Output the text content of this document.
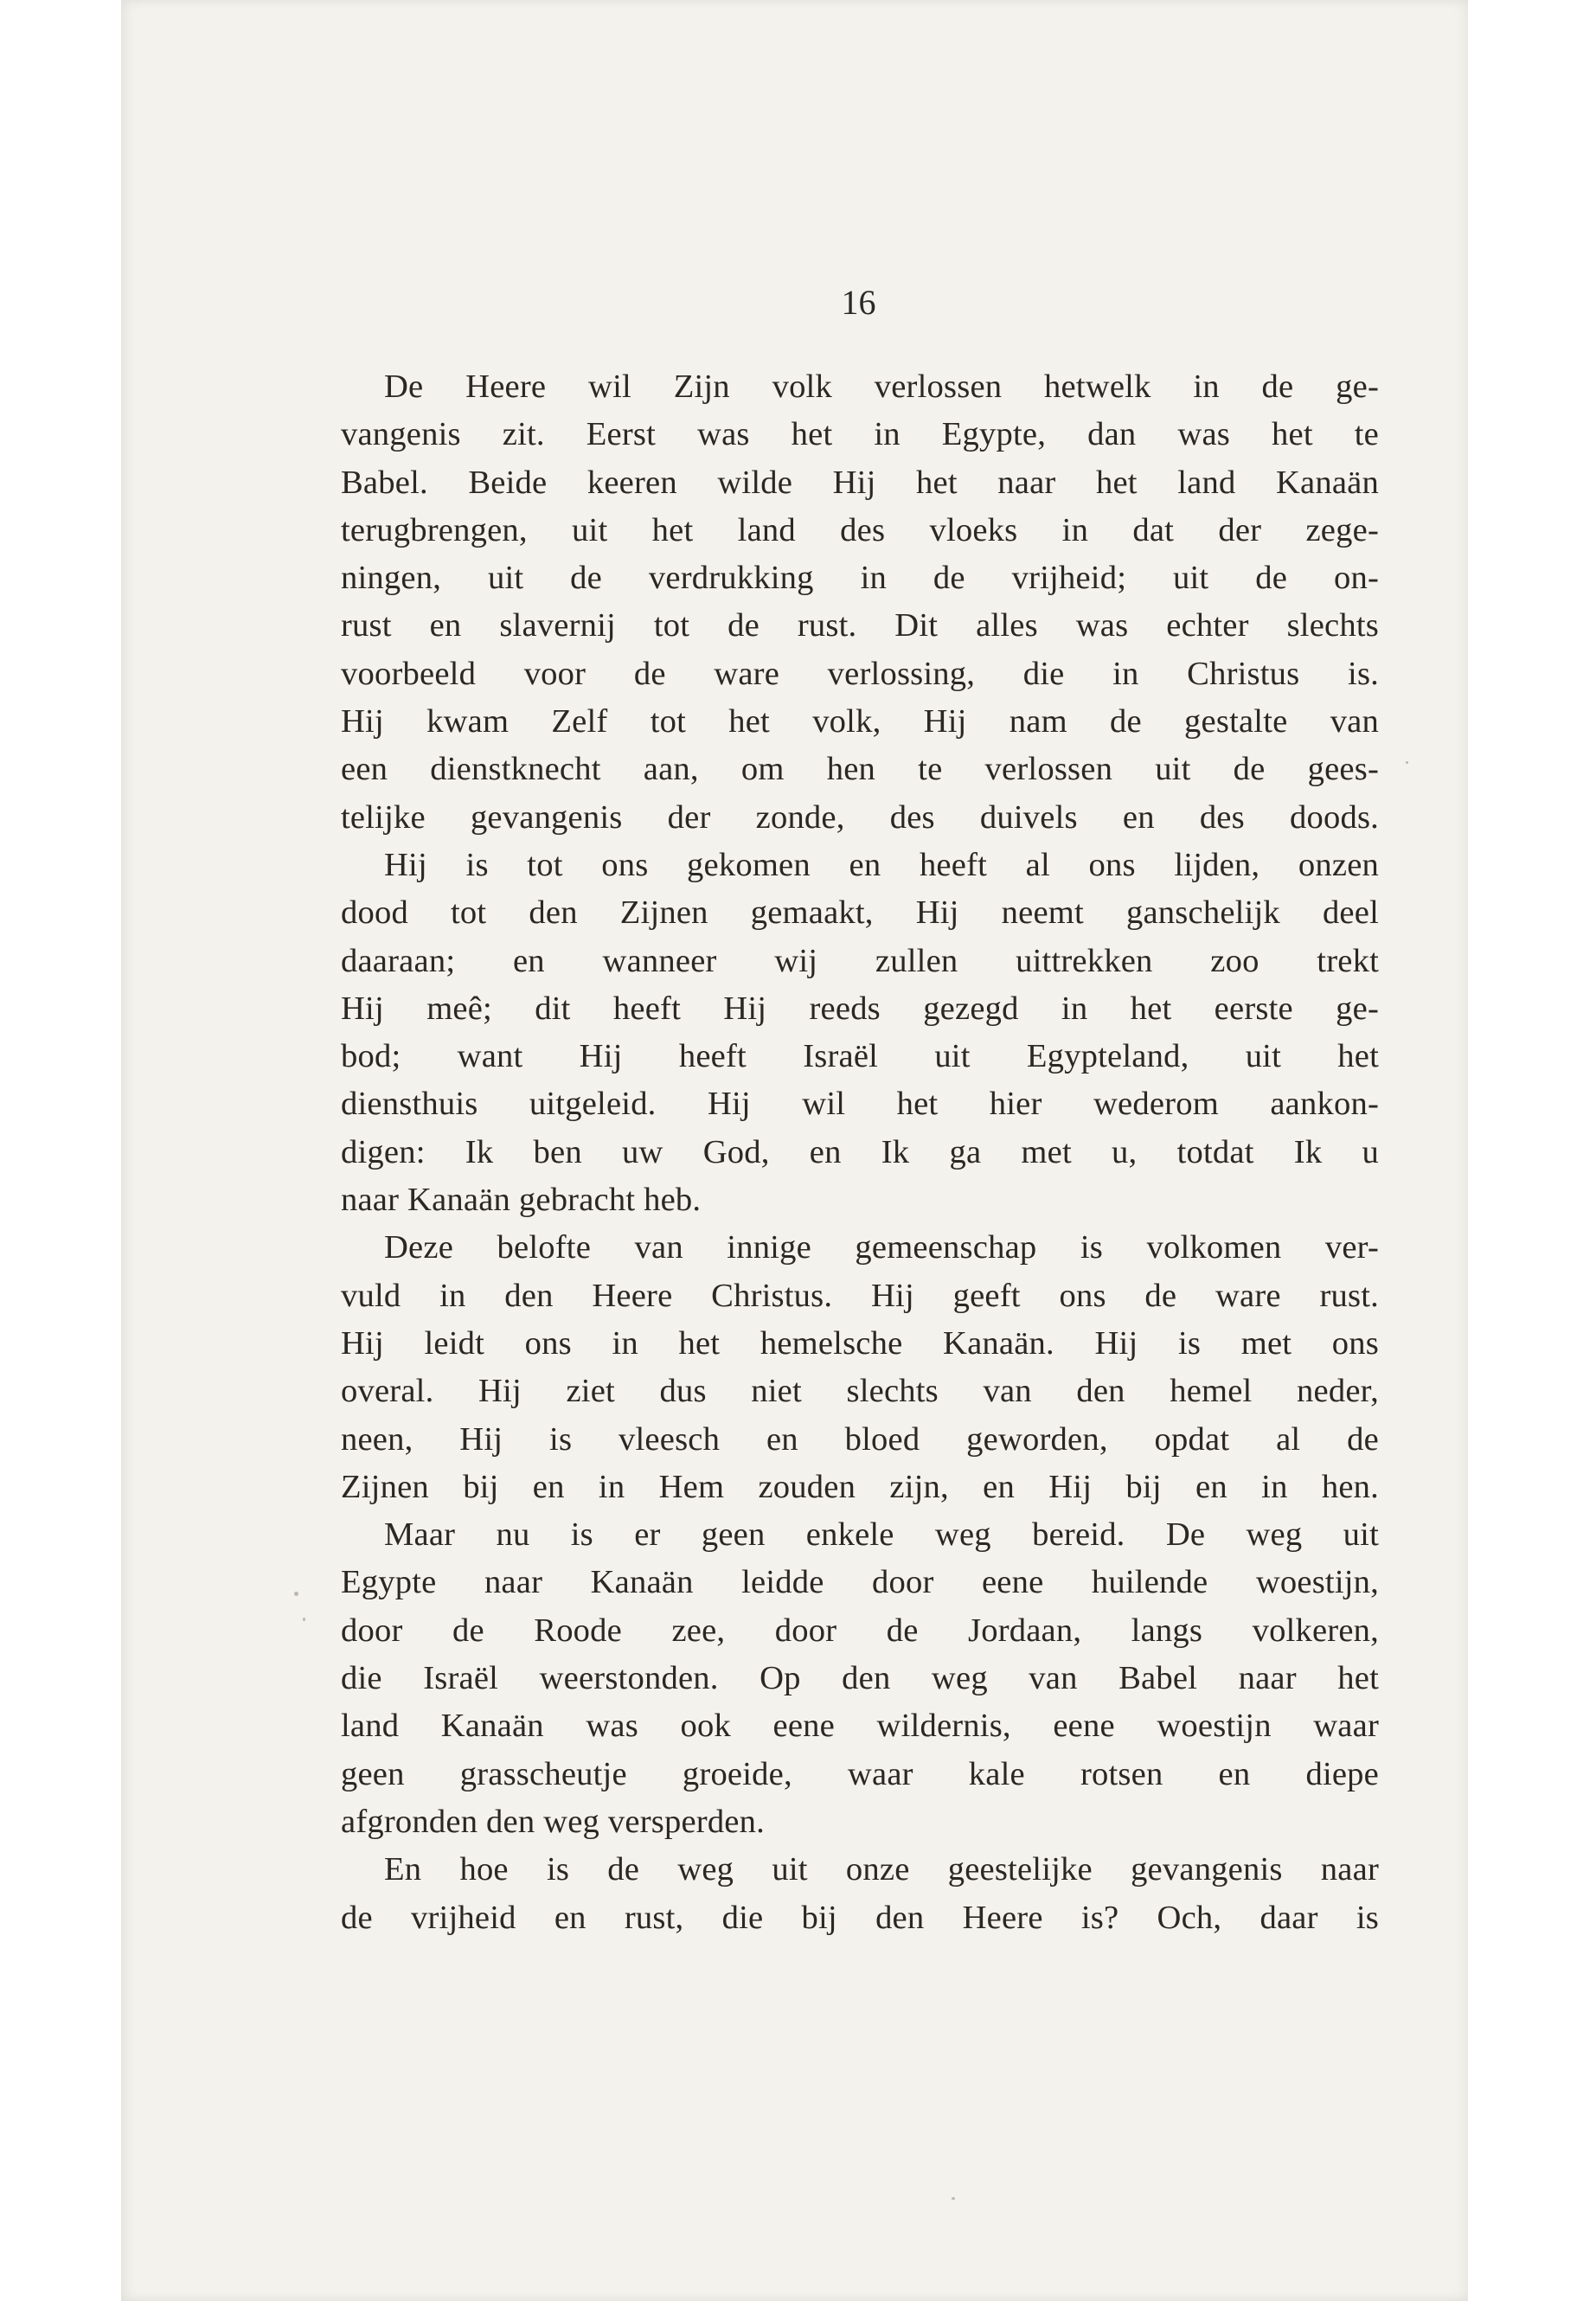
16

De Heere wil Zijn volk verlossen hetwelk in de ge-
vangenis zit. Eerst was het in Egypte, dan was het te
Babel. Beide keeren wilde Hij het naar het land Kanaän
terugbrengen, uit het land des vloeks in dat der zege-
ningen, uit de verdrukking in de vrijheid; uit de on-
rust en slavernij tot de rust. Dit alles was echter slechts
voorbeeld voor de ware verlossing, die in Christus is.
Hij kwam Zelf tot het volk, Hij nam de gestalte van
een dienstknecht aan, om hen te verlossen uit de gees-
telijke gevangenis der zonde, des duivels en des doods.
Hij is tot ons gekomen en heeft al ons lijden, onzen
dood tot den Zijnen gemaakt, Hij neemt ganschelijk deel
daaraan; en wanneer wij zullen uittrekken zoo trekt
Hij meê; dit heeft Hij reeds gezegd in het eerste ge-
bod; want Hij heeft Israël uit Egypteland, uit het
diensthuis uitgeleid. Hij wil het hier wederom aankon-
digen: Ik ben uw God, en Ik ga met u, totdat Ik u
naar Kanaän gebracht heb.
Deze belofte van innige gemeenschap is volkomen ver-
vuld in den Heere Christus. Hij geeft ons de ware rust.
Hij leidt ons in het hemelsche Kanaän. Hij is met ons
overal. Hij ziet dus niet slechts van den hemel neder,
neen, Hij is vleesch en bloed geworden, opdat al de
Zijnen bij en in Hem zouden zijn, en Hij bij en in hen.
Maar nu is er geen enkele weg bereid. De weg uit
Egypte naar Kanaän leidde door eene huilende woestijn,
door de Roode zee, door de Jordaan, langs volkeren,
die Israël weerstonden. Op den weg van Babel naar het
land Kanaän was ook eene wildernis, eene woestijn waar
geen grasscheutje groeide, waar kale rotsen en diepe
afgronden den weg versperden.
En hoe is de weg uit onze geestelijke gevangenis naar
de vrijheid en rust, die bij den Heere is? Och, daar is
